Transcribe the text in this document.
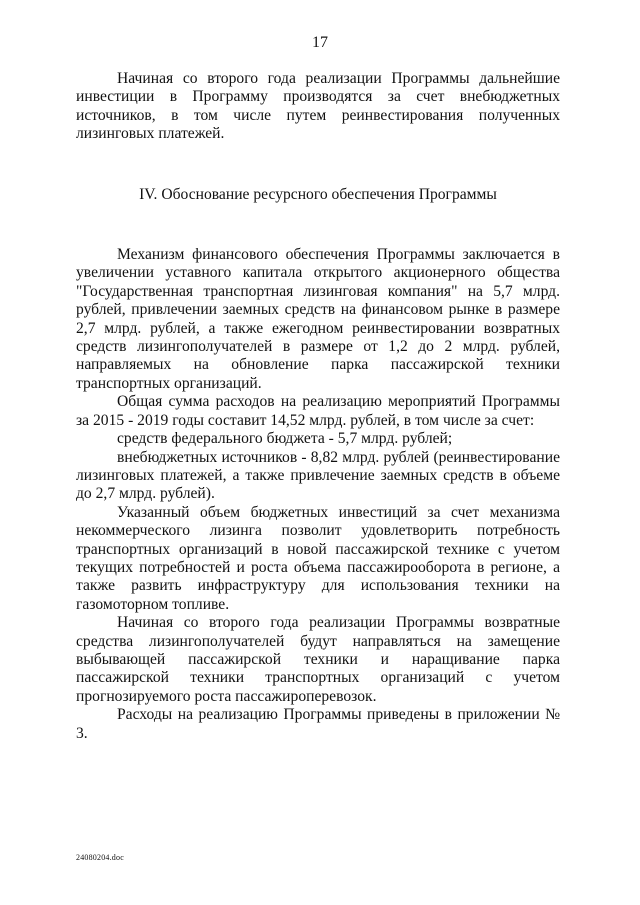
17

Начиная со второго года реализации Программы дальнейшие инвестиции в Программу производятся за счет внебюджетных источников, в том числе путем реинвестирования полученных лизинговых платежей.

IV. Обоснование ресурсного обеспечения Программы

Механизм финансового обеспечения Программы заключается в увеличении уставного капитала открытого акционерного общества "Государственная транспортная лизинговая компания" на 5,7 млрд. рублей, привлечении заемных средств на финансовом рынке в размере 2,7 млрд. рублей, а также ежегодном реинвестировании возвратных средств лизингополучателей в размере от 1,2 до 2 млрд. рублей, направляемых на обновление парка пассажирской техники транспортных организаций.

Общая сумма расходов на реализацию мероприятий Программы за 2015 - 2019 годы составит 14,52 млрд. рублей, в том числе за счет:

средств федерального бюджета - 5,7 млрд. рублей;

внебюджетных источников - 8,82 млрд. рублей (реинвестирование лизинговых платежей, а также привлечение заемных средств в объеме до 2,7 млрд. рублей).

Указанный объем бюджетных инвестиций за счет механизма некоммерческого лизинга позволит удовлетворить потребность транспортных организаций в новой пассажирской технике с учетом текущих потребностей и роста объема пассажирооборота в регионе, а также развить инфраструктуру для использования техники на газомоторном топливе.

Начиная со второго года реализации Программы возвратные средства лизингополучателей будут направляться на замещение выбывающей пассажирской техники и наращивание парка пассажирской техники транспортных организаций с учетом прогнозируемого роста пассажироперевозок.

Расходы на реализацию Программы приведены в приложении № 3.

24080204.doc
